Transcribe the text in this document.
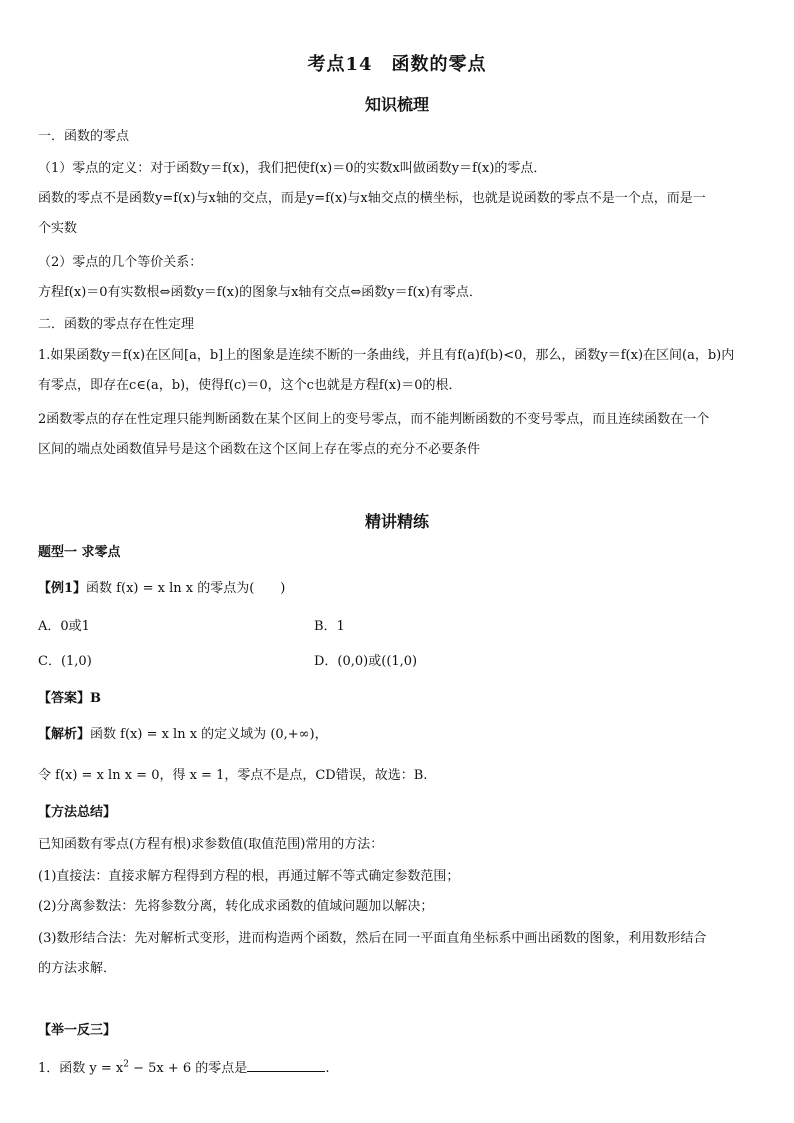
考点14　函数的零点
知识梳理
一．函数的零点
（1）零点的定义：对于函数y＝f(x)，我们把使f(x)＝0的实数x叫做函数y＝f(x)的零点．
函数的零点不是函数y=f(x)与x轴的交点，而是y=f(x)与x轴交点的横坐标，也就是说函数的零点不是一个点，而是一
个实数
（2）零点的几个等价关系：
方程f(x)＝0有实数根⇔函数y＝f(x)的图象与x轴有交点⇔函数y＝f(x)有零点．
二．函数的零点存在性定理
1.如果函数y＝f(x)在区间[a，b]上的图象是连续不断的一条曲线，并且有f(a)f(b)<0，那么，函数y＝f(x)在区间(a，b)内
有零点，即存在c∈(a，b)，使得f(c)＝0，这个c也就是方程f(x)＝0的根．
2函数零点的存在性定理只能判断函数在某个区间上的变号零点，而不能判断函数的不变号零点，而且连续函数在一个
区间的端点处函数值异号是这个函数在这个区间上存在零点的充分不必要条件
精讲精练
题型一 求零点
【例1】函数 f(x) = x ln x 的零点为(　　)
A．0或1	B．1
C．(1,0)	D．(0,0)或((1,0)
【答案】B
【解析】函数 f(x) = x ln x 的定义域为 (0,+∞)，
令 f(x) = x ln x = 0，得 x = 1，零点不是点，CD错误，故选：B.
【方法总结】
已知函数有零点(方程有根)求参数值(取值范围)常用的方法：
(1)直接法：直接求解方程得到方程的根，再通过解不等式确定参数范围；
(2)分离参数法：先将参数分离，转化成求函数的值域问题加以解决；
(3)数形结合法：先对解析式变形，进而构造两个函数，然后在同一平面直角坐标系中画出函数的图象，利用数形结合
的方法求解．
【举一反三】
1．函数 $y = x^2 - 5x + 6$ 的零点是	.
